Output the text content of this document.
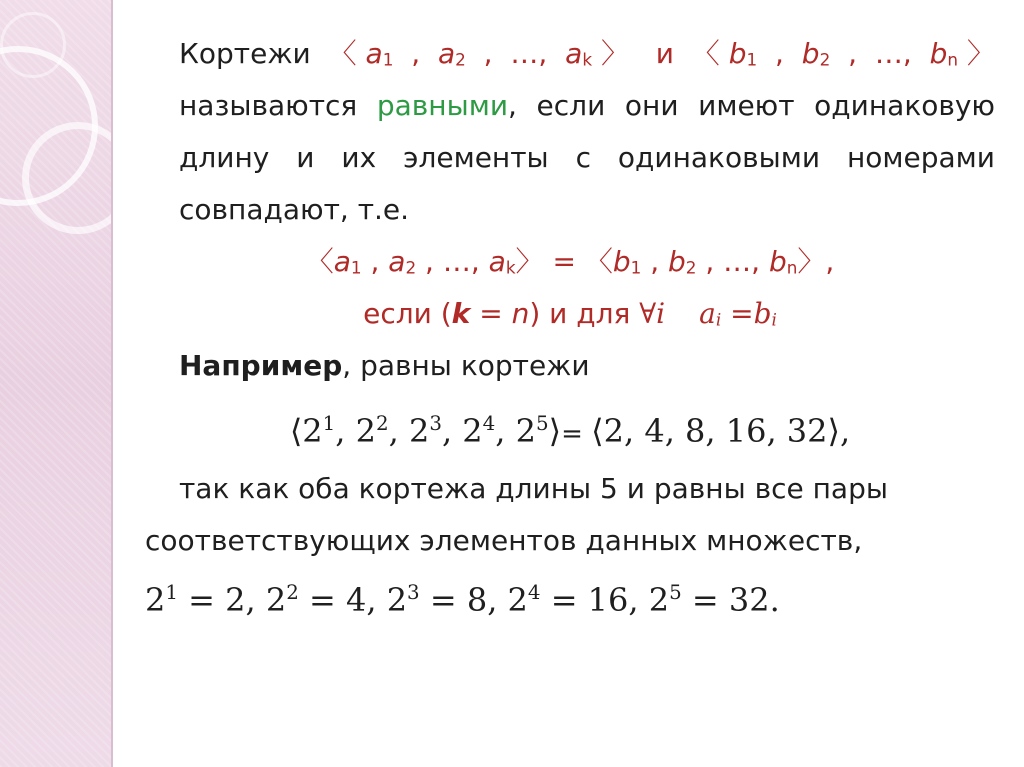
Кортежи 〈$a_1$ , $a_2$ , …, $a_k$〉 и 〈$b_1$ , $b_2$ , …, $b_n$〉 называются равными, если они имеют одинаковую длину и их элементы с одинаковыми номерами совпадают, т.е.
〈$a_1$ , $a_2$ , …, $a_k$〉 = 〈$b_1$ , $b_2$ , …, $b_n$〉,
если (k = n) и для ∀i $a_i =b_i$
Например, равны кортежи
$⟨2^1$, $2^2$, $2^3$, $2^4$, $2^5⟩=$ ⟨2, 4, 8, 16, 32⟩,
так как оба кортежа длины 5 и равны все пары
соответствующих элементов данных множеств,
$2^1 = 2$, $2^2 = 4$, $2^3 = 8$, $2^4 = 16$, $2^5 = 32$.
